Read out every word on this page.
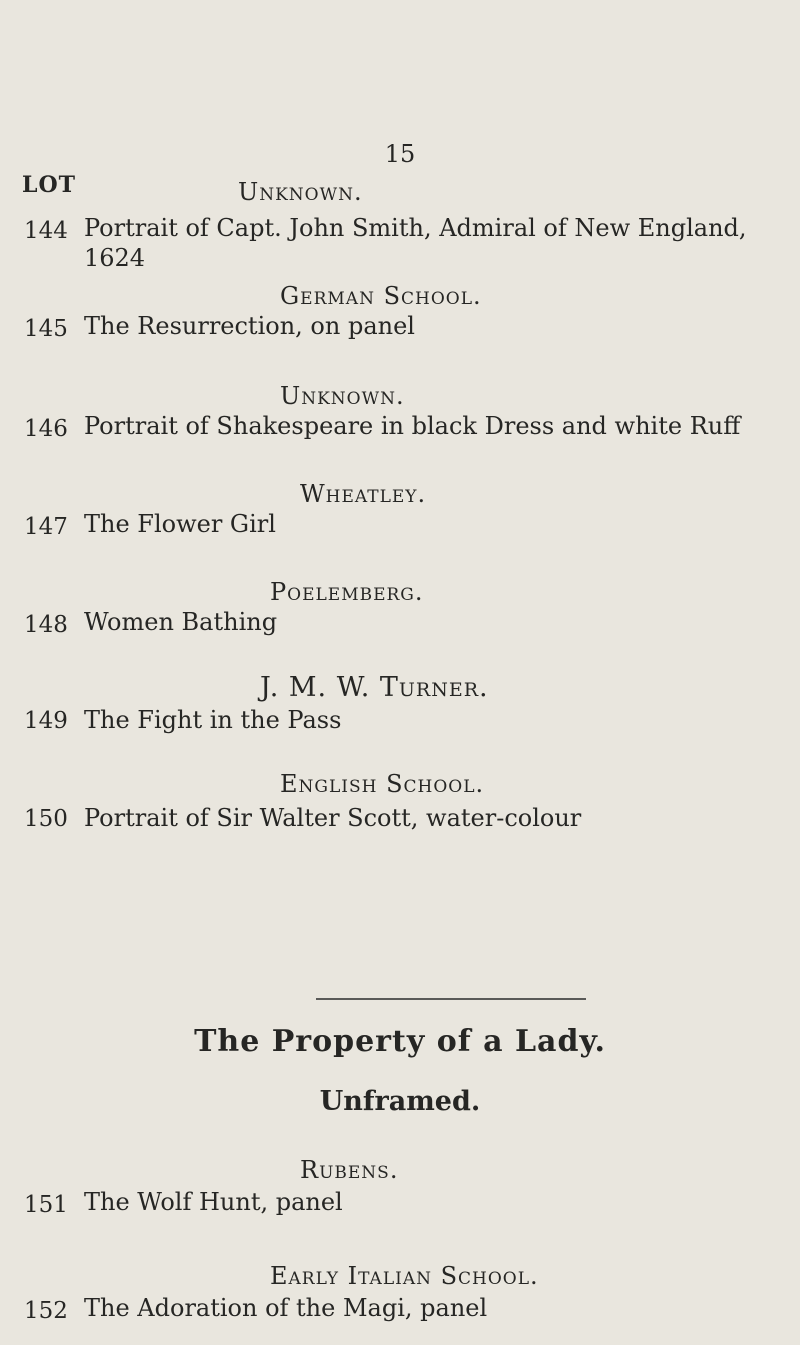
15
LOT
144
Unknown.
Portrait of Capt. John Smith, Admiral of New England,
1624
145
German School.
The Resurrection, on panel
146
Unknown.
Portrait of Shakespeare in black Dress and white Ruff
147
Wheatley.
The Flower Girl
148
Poelemberg.
Women Bathing
149
J. M. W. Turner.
The Fight in the Pass
150
English School.
Portrait of Sir Walter Scott, water-colour
The Property of a Lady.
Unframed.
151
Rubens.
The Wolf Hunt, panel
152
Early Italian School.
The Adoration of the Magi, panel
